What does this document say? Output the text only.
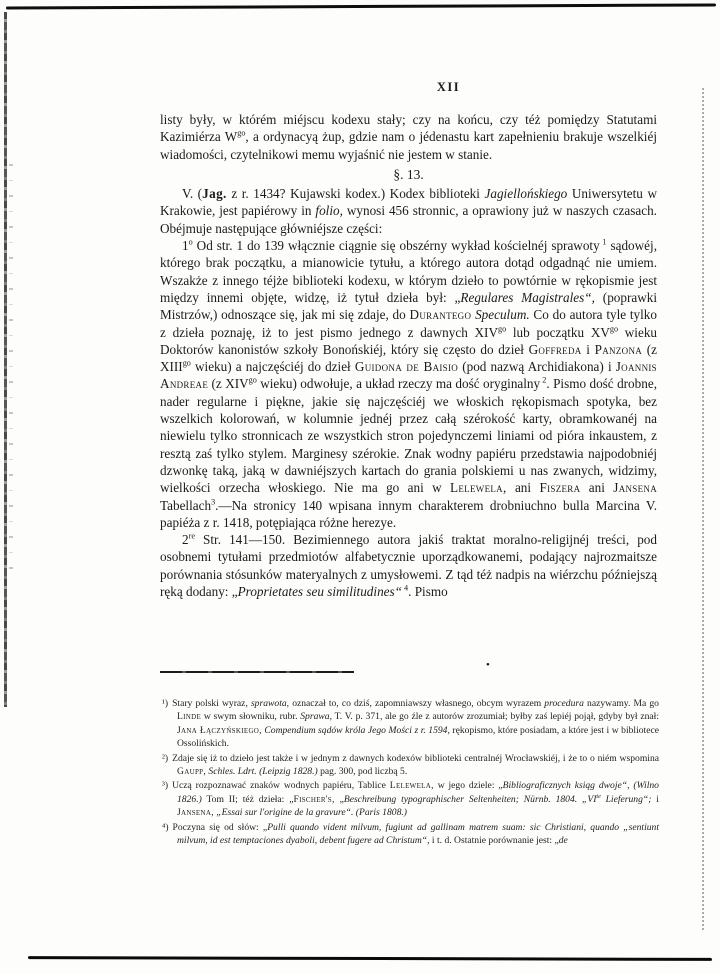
XII

listy były, w którém miéjscu kodexu stały; czy na końcu, czy téż pomiędzy Statutami Kazimiérza $W^{go}$, a ordynacyą żup, gdzie nam o jédenastu kart zapełnieniu brakuje wszelkiéj wiadomości, czytelnikowi memu wyjaśnić nie jestem w stanie.

§. 13.

V. (Jag. z r. 1434? Kujawski kodex.) Kodex biblioteki Jagiellońskiego Uniwersytetu w Krakowie, jest papiérowy in folio, wynosi 456 stronnic, a oprawiony już w naszych czasach. Obéjmuje następujące główniéjsze części:

1$^o$ Od str. 1 do 139 włącznie ciągnie się obszérny wykład kościelnéj sprawoty $^1$ sądowéj, którego brak początku, a mianowicie tytułu, a którego autora dotąd odgadnąć nie umiem. Wszakże z innego téjże biblioteki kodexu, w którym dzieło to powtórnie w rękopismie jest między innemi objęte, widzę, iż tytuł dzieła był: „Regulares Magistrales“, (poprawki Mistrzów,) odnoszące się, jak mi się zdaje, do Durantego Speculum. Co do autora tyle tylko z dzieła poznaję, iż to jest pismo jednego z dawnych $XIV^{go}$ lub początku $XV^{go}$ wieku Doktorów kanonistów szkoły Bonońskiéj, który się często do dzieł Goffreda i Panzona (z $XIII^{go}$ wieku) a najczęściéj do dzieł Guidona de Baisio (pod nazwą Archidiakona) i Joannis Andreae (z $XIV^{go}$ wieku) odwołuje, a układ rzeczy ma dość oryginalny $^2$. Pismo dość drobne, nader regularne i piękne, jakie się najczęściéj we włoskich rękopismach spotyka, bez wszelkich kolorowań, w kolumnie jednéj przez całą szérokość karty, obramkowanéj na niewielu tylko stronnicach ze wszystkich stron pojedynczemi liniami od pióra inkaustem, z resztą zaś tylko stylem. Marginesy szérokie. Znak wodny papiéru przedstawia najpodobniéj dzwonkę taką, jaką w dawniéjszych kartach do grania polskiemi u nas zwanych, widzimy, wielkości orzecha włoskiego. Nie ma go ani w Lelewela, ani Fiszera ani Jansena Tabellach$^3$.—Na stronicy 140 wpisana innym charakterem drobniuchno bulla Marcina V. papiéża z r. 1418, potępiająca różne herezye.

2re Str. 141—150. Bezimiennego autora jakiś traktat moralno-religijnéj treści, pod osobnemi tytułami przedmiotów alfabetycznie uporządkowanemi, podający najrozmaitsze porównania stósunków materyalnych z umysłowemi. Z tąd téż nadpis na wiérzchu późniejszą ręką dodany: „Proprietates seu similitudines“ $^4$. Pismo

•

¹) Stary polski wyraz, sprawota, oznaczał to, co dziś, zapomniawszy własnego, obcym wyrazem procedura nazywamy. Ma go Linde w swym słowniku, rubr. Sprawa, T. V. p. 371, ale go źle z autorów zrozumiał; byłby zaś lepiéj pojął, gdyby był znał: Jana Łączyńskiego, Compendium sądów króla Jego Mości z r. 1594, rękopismo, które posiadam, a które jest i w bibliotece Ossolińskich.

²) Zdaje się iż to dzieło jest także i w jednym z dawnych kodexów biblioteki centralnéj Wrocławskiéj, i że to o niém wspomina Gaupp, Schles. Ldrt. (Leipzig 1828.) pag. 300, pod liczbą 5.

³) Uczą rozpoznawać znaków wodnych papiéru, Tablice Lelewela, w jego dziele: „Bibliograficznych ksiąg dwoje“, (Wilno 1826.) Tom II; téż dzieła: „Fischer's, „Beschreibung typographischer Seltenheiten; Nürnb. 1804. $„VI^{te}$ Lieferung“; i Jansena, „Essai sur l'origine de la gravure“. (Paris 1808.)

⁴) Poczyna się od słów: „Pulli quando vident milvum, fugiunt ad gallinam matrem suam: sic Christiani, quando „sentiunt milvum, id est temptaciones dyaboli, debent fugere ad Christum“, i t. d. Ostatnie porównanie jest: „de
